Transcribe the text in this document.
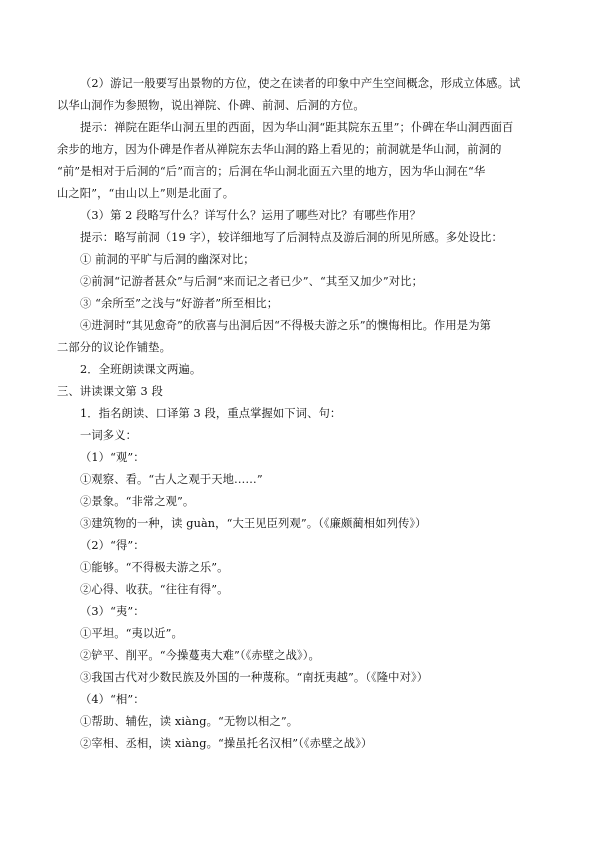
（2）游记一般要写出景物的方位，使之在读者的印象中产生空间概念，形成立体感。试
以华山洞作为参照物，说出禅院、仆碑、前洞、后洞的方位。
提示：禅院在距华山洞五里的西面，因为华山洞“距其院东五里”；仆碑在华山洞西面百
余步的地方，因为仆碑是作者从禅院东去华山洞的路上看见的；前洞就是华山洞，前洞的
“前”是相对于后洞的“后”而言的；后洞在华山洞北面五六里的地方，因为华山洞在“华
山之阳”，“由山以上”则是北面了。
（3）第 2 段略写什么？详写什么？运用了哪些对比？有哪些作用？
提示：略写前洞（19 字），较详细地写了后洞特点及游后洞的所见所感。多处设比：
① 前洞的平旷与后洞的幽深对比；
②前洞“记游者甚众”与后洞“来而记之者已少”、“其至又加少”对比；
③ “余所至”之浅与“好游者”所至相比；
④进洞时“其见愈奇”的欣喜与出洞后因“不得极夫游之乐”的懊悔相比。作用是为第
二部分的议论作铺垫。
2．全班朗读课文两遍。
三、讲读课文第 3 段
1．指名朗读、口译第 3 段，重点掌握如下词、句：
一词多义：
（1）“观”：
①观察、看。“古人之观于天地……”
②景象。“非常之观”。
③建筑物的一种，读 guàn，“大王见臣列观”。（《廉颇蔺相如列传》）
（2）“得”：
①能够。“不得极夫游之乐”。
②心得、收获。“往往有得”。
（3）“夷”：
①平坦。“夷以近”。
②铲平、削平。“今操蔓夷大难”（《赤壁之战》）。
③我国古代对少数民族及外国的一种蔑称。“南抚夷越”。（《隆中对》）
（4）“相”：
①帮助、辅佐，读 xiàng。“无物以相之”。
②宰相、丞相，读 xiàng。“操虽托名汉相”（《赤壁之战》）
